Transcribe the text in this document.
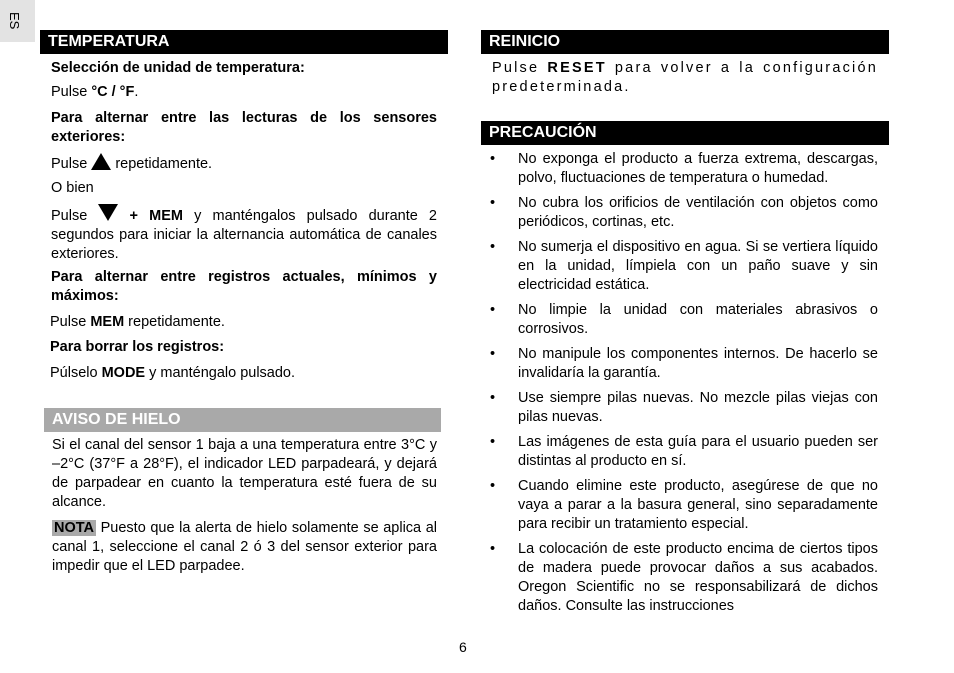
ES
TEMPERATURA

Selección de unidad de temperatura:

Pulse °C / °F.

Para alternar entre las lecturas de los sensores exteriores:

Pulse  repetidamente.

O bien

Pulse  + MEM y manténgalos pulsado durante 2 segundos para iniciar la alternancia automática de canales exteriores.

Para alternar entre registros actuales, mínimos y máximos:

Pulse MEM repetidamente.

Para borrar los registros:

Púlselo MODE y manténgalo pulsado.

AVISO DE HIELO

Si el canal del sensor 1 baja a una temperatura entre 3°C y –2°C (37°F a 28°F), el indicador LED parpadeará, y dejará de parpadear en cuanto la temperatura esté fuera de su alcance.

NOTA Puesto que la alerta de hielo solamente se aplica al canal 1, seleccione el canal 2 ó 3 del sensor exterior para impedir que el LED parpadee.

REINICIO

Pulse RESET para volver a la configuración predeterminada.

PRECAUCIÓN
• No exponga el producto a fuerza extrema, descargas, polvo, fluctuaciones de temperatura o humedad.
• No cubra los orificios de ventilación con objetos como periódicos, cortinas, etc.
• No sumerja el dispositivo en agua. Si se vertiera líquido en la unidad, límpiela con un paño suave y sin electricidad estática.
• No limpie la unidad con materiales abrasivos o corrosivos.
• No manipule los componentes internos. De hacerlo se invalidaría la garantía.
• Use siempre pilas nuevas. No mezcle pilas viejas con pilas nuevas.
• Las imágenes de esta guía para el usuario pueden ser distintas al producto en sí.
• Cuando elimine este producto, asegúrese de que no vaya a parar a la basura general, sino separadamente para recibir un tratamiento especial.
• La colocación de este producto encima de ciertos tipos de madera puede provocar daños a sus acabados. Oregon Scientific no se responsabilizará de dichos daños. Consulte las instrucciones
6
